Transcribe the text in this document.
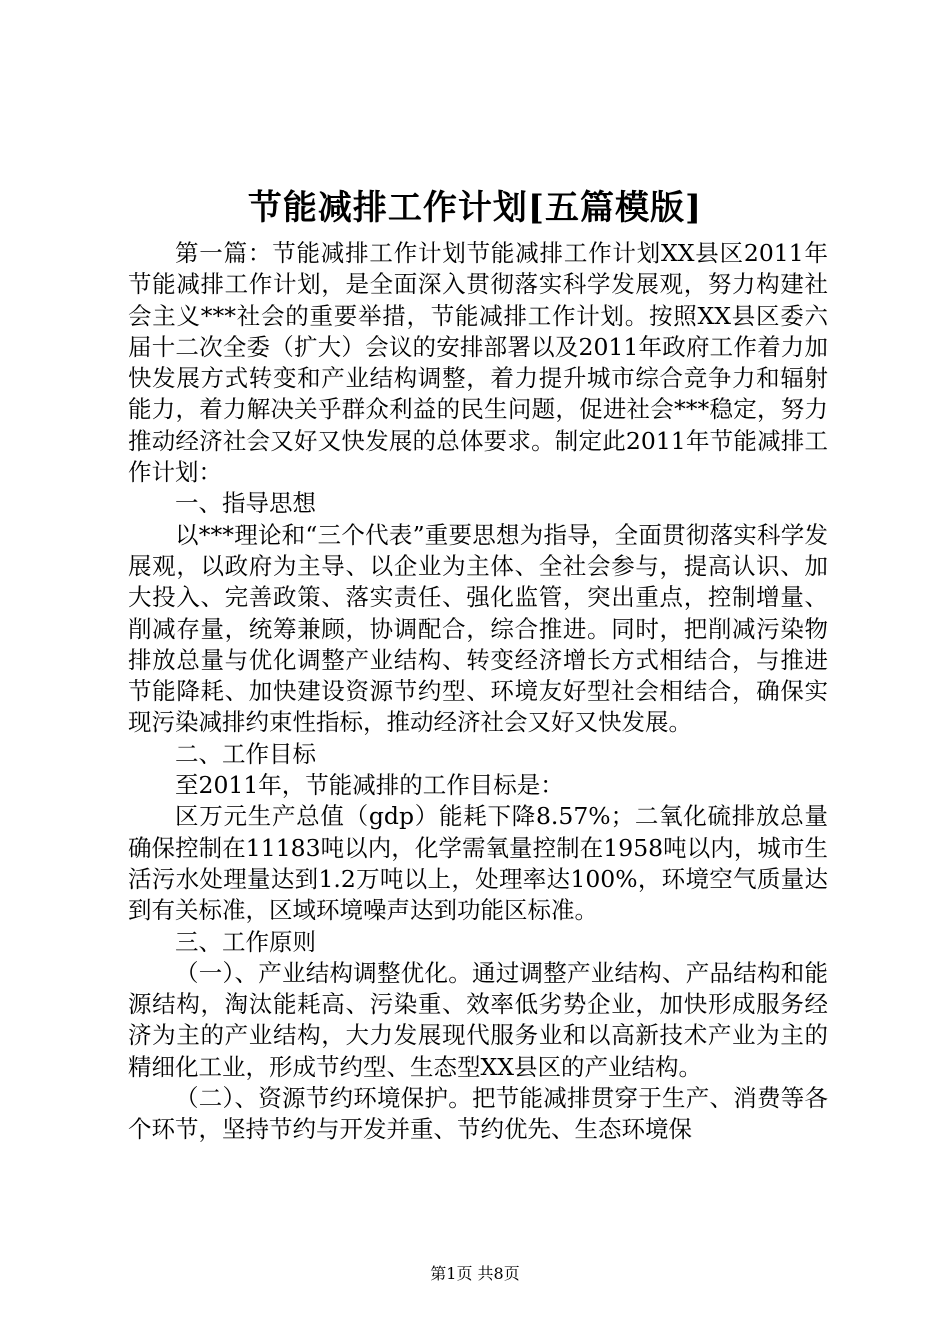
节能减排工作计划[五篇模版]

第一篇：节能减排工作计划节能减排工作计划XX县区2011年节能减排工作计划，是全面深入贯彻落实科学发展观，努力构建社会主义***社会的重要举措，节能减排工作计划。按照XX县区委六届十二次全委（扩大）会议的安排部署以及2011年政府工作着力加快发展方式转变和产业结构调整，着力提升城市综合竞争力和辐射能力，着力解决关乎群众利益的民生问题，促进社会***稳定，努力推动经济社会又好又快发展的总体要求。制定此2011年节能减排工作计划：

一、指导思想

以***理论和“三个代表”重要思想为指导，全面贯彻落实科学发展观，以政府为主导、以企业为主体、全社会参与，提高认识、加大投入、完善政策、落实责任、强化监管，突出重点，控制增量、削减存量，统筹兼顾，协调配合，综合推进。同时，把削减污染物排放总量与优化调整产业结构、转变经济增长方式相结合，与推进节能降耗、加快建设资源节约型、环境友好型社会相结合，确保实现污染减排约束性指标，推动经济社会又好又快发展。

二、工作目标

至2011年，节能减排的工作目标是：

区万元生产总值（gdp）能耗下降8.57%；二氧化硫排放总量确保控制在11183吨以内，化学需氧量控制在1958吨以内，城市生活污水处理量达到1.2万吨以上，处理率达100%，环境空气质量达到有关标准，区域环境噪声达到功能区标准。

三、工作原则

（一）、产业结构调整优化。通过调整产业结构、产品结构和能源结构，淘汰能耗高、污染重、效率低劣势企业，加快形成服务经济为主的产业结构，大力发展现代服务业和以高新技术产业为主的精细化工业，形成节约型、生态型XX县区的产业结构。

（二）、资源节约环境保护。把节能减排贯穿于生产、消费等各个环节，坚持节约与开发并重、节约优先、生态环境保

第1页 共8页
